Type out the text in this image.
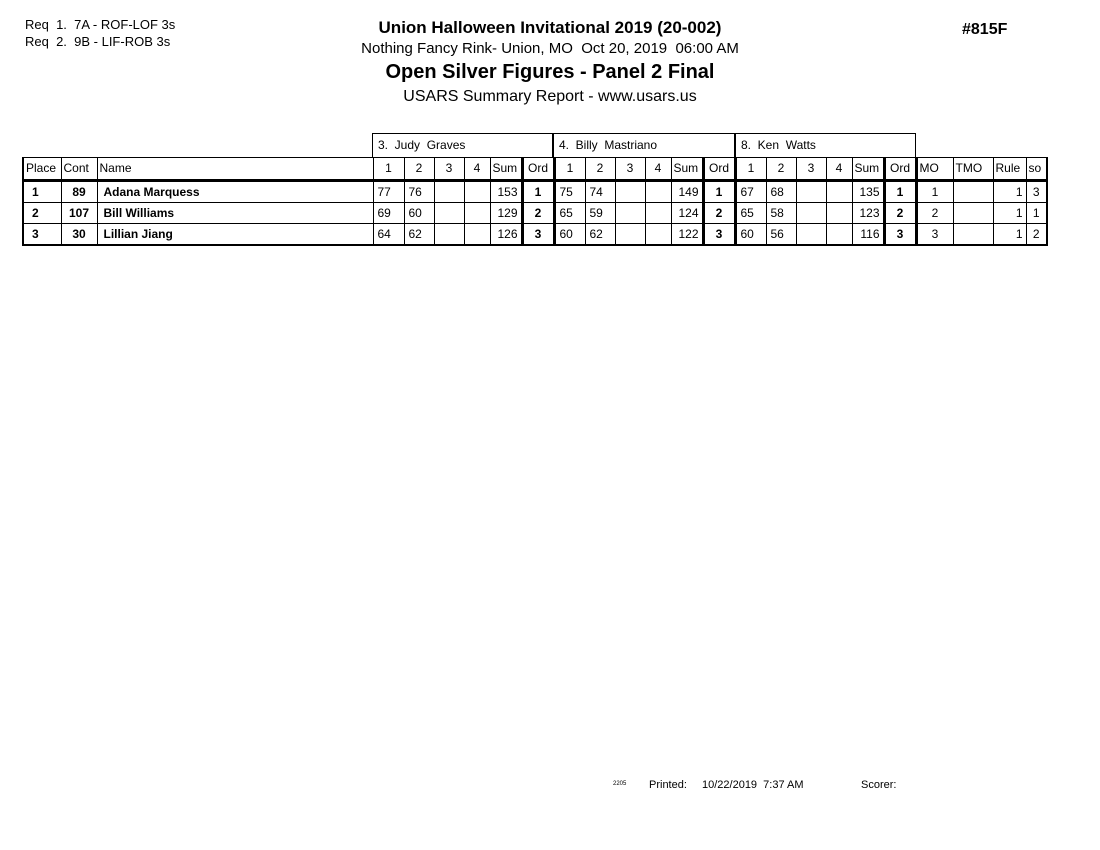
Req  1.  7A - ROF-LOF 3s
Req  2.  9B - LIF-ROB 3s
Union Halloween Invitational 2019 (20-002)
Nothing Fancy Rink- Union, MO  Oct 20, 2019  06:00 AM
Open Silver Figures - Panel 2 Final
USARS Summary Report - www.usars.us
#815F
3.  Judy  Graves	4.  Billy  Mastriano	8.  Ken  Watts
Place	Cont	Name	1	2	3	4	Sum	Ord	1	2	3	4	Sum	Ord	1	2	3	4	Sum	Ord	MO	TMO	Rule	so
1	89	Adana Marquess	77	76			153	1	75	74			149	1	67	68			135	1	1		1	3
2	107	Bill Williams	69	60			129	2	65	59			124	2	65	58			123	2	2		1	1
3	30	Lillian Jiang	64	62			126	3	60	62			122	3	60	56			116	3	3		1	2
2205 Printed: 10/22/2019  7:37 AM	Scorer:
